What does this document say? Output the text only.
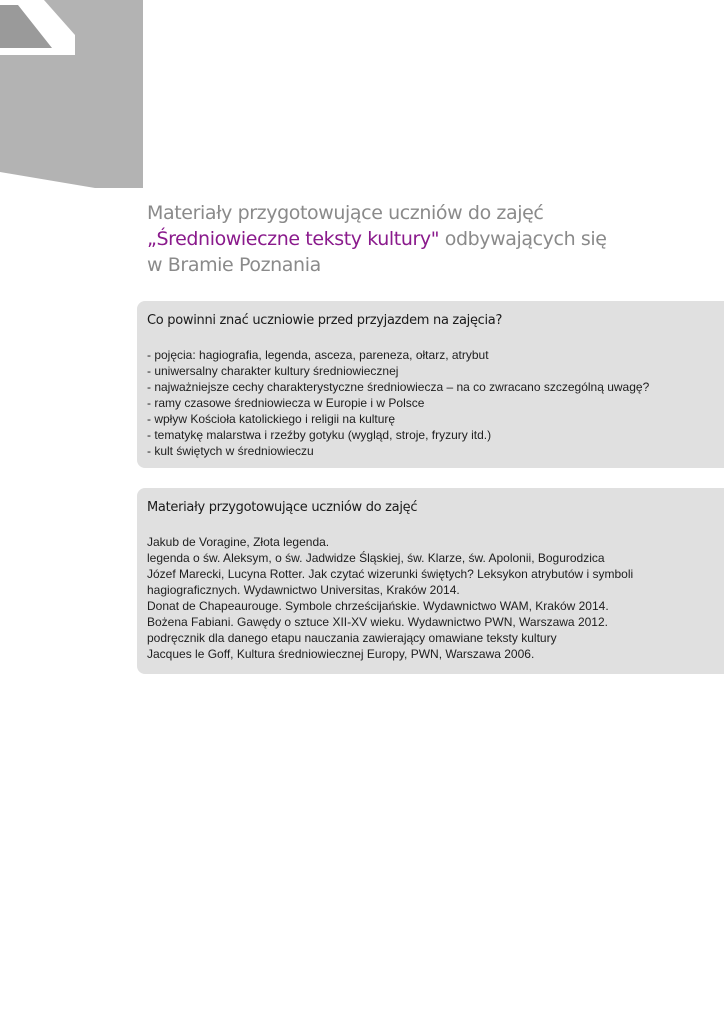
Materiały przygotowujące uczniów do zajęć
„Średniowieczne teksty kultury" odbywających się
w Bramie Poznania
Co powinni znać uczniowie przed przyjazdem na zajęcia?
- pojęcia: hagiografia, legenda, asceza, pareneza, ołtarz, atrybut
- uniwersalny charakter kultury średniowiecznej
- najważniejsze cechy charakterystyczne średniowiecza – na co zwracano szczególną uwagę?
- ramy czasowe średniowiecza w Europie i w Polsce
- wpływ Kościoła katolickiego i religii na kulturę
- tematykę malarstwa i rzeźby gotyku (wygląd, stroje, fryzury itd.)
- kult świętych w średniowieczu
Materiały przygotowujące uczniów do zajęć
Jakub de Voragine, Złota legenda.
legenda o św. Aleksym, o św. Jadwidze Śląskiej, św. Klarze, św. Apolonii, Bogurodzica
Józef Marecki, Lucyna Rotter. Jak czytać wizerunki świętych? Leksykon atrybutów i symboli
hagiograficznych. Wydawnictwo Universitas, Kraków 2014.
Donat de Chapeaurouge. Symbole chrześcijańskie. Wydawnictwo WAM, Kraków 2014.
Bożena Fabiani. Gawędy o sztuce XII-XV wieku. Wydawnictwo PWN, Warszawa 2012.
podręcznik dla danego etapu nauczania zawierający omawiane teksty kultury
Jacques le Goff, Kultura średniowiecznej Europy, PWN, Warszawa 2006.
